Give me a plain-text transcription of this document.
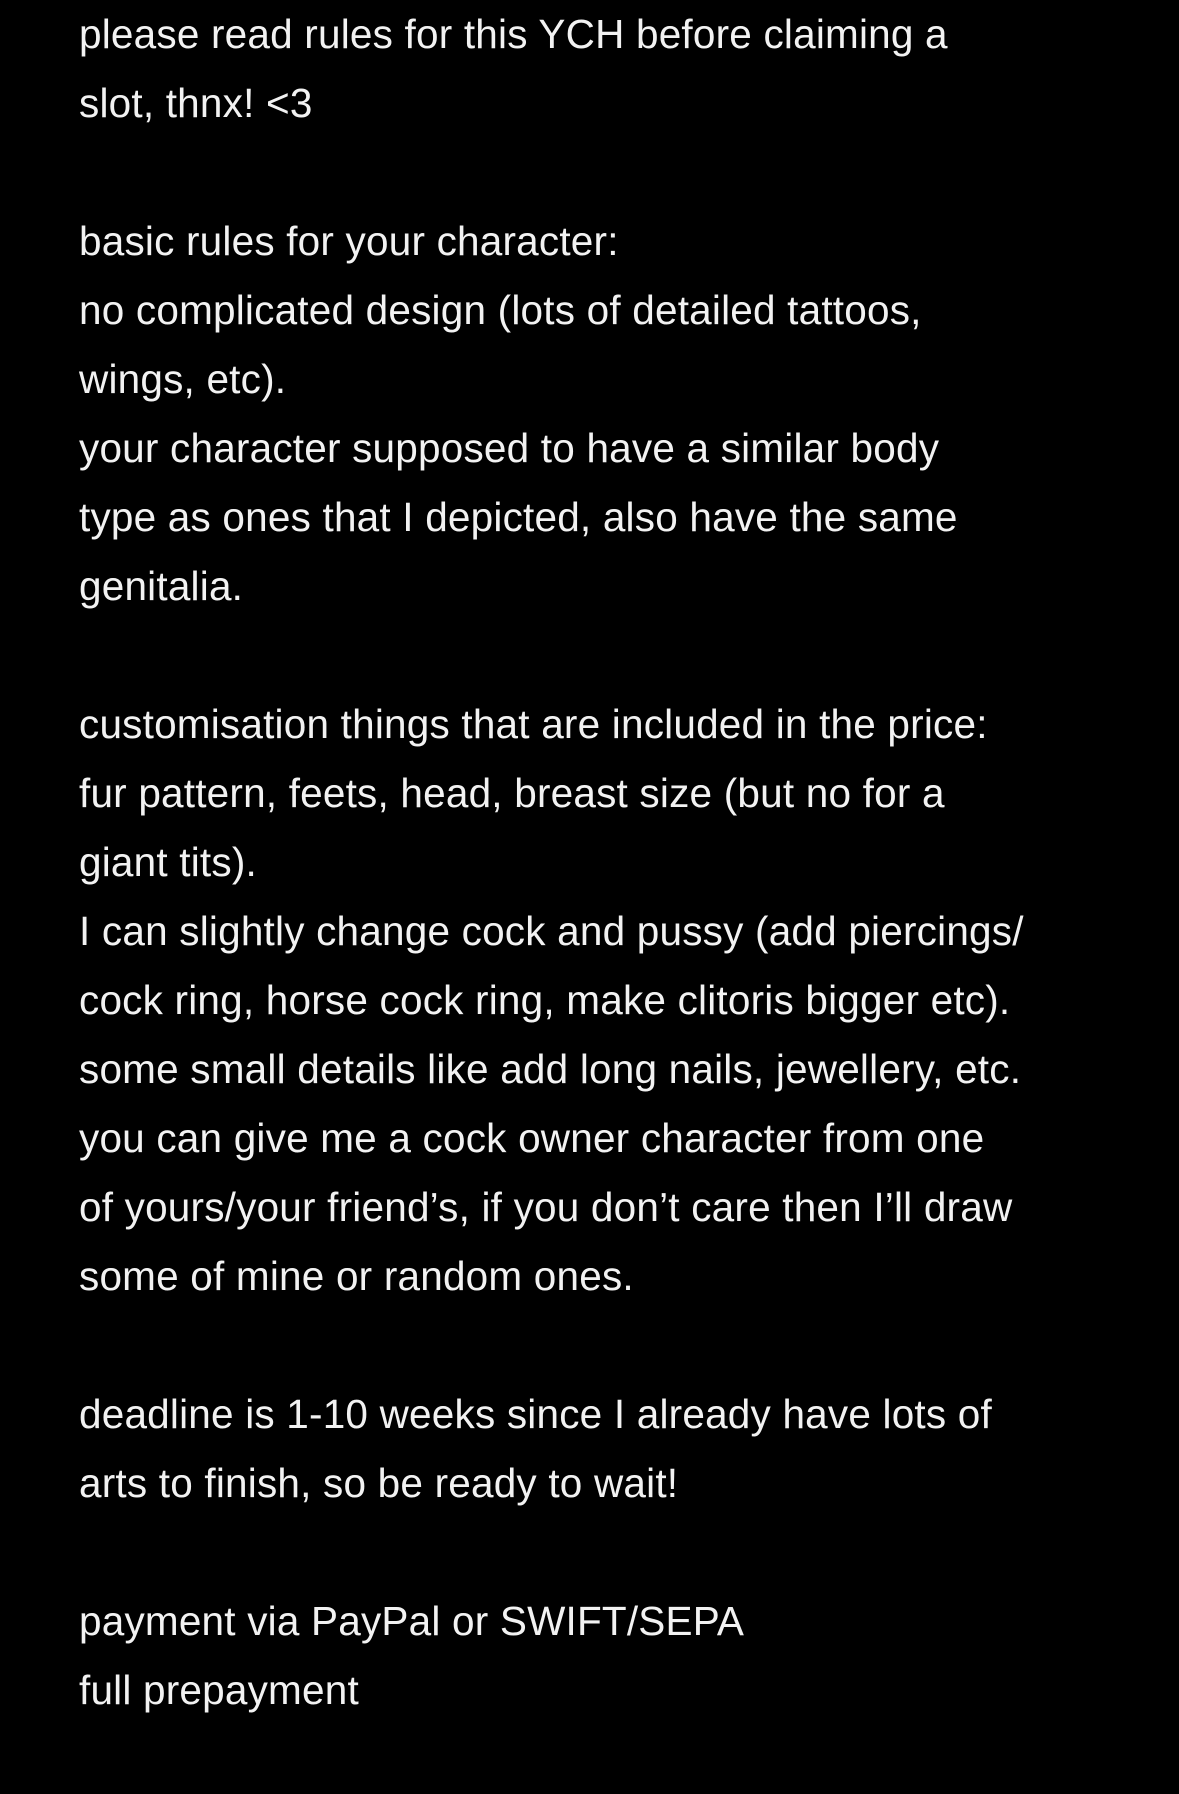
please read rules for this YCH before claiming a
slot, thnx! <3
basic rules for your character:
no complicated design (lots of detailed tattoos,
wings, etc).
your character supposed to have a similar body
type as ones that I depicted, also have the same
genitalia.
customisation things that are included in the price:
fur pattern, feets, head, breast size (but no for a
giant tits).
I can slightly change cock and pussy (add piercings/
cock ring, horse cock ring, make clitoris bigger etc).
some small details like add long nails, jewellery, etc.
you can give me a cock owner character from one
of yours/your friend’s, if you don’t care then I’ll draw
some of mine or random ones.
deadline is 1-10 weeks since I already have lots of
arts to finish, so be ready to wait!
payment via PayPal or SWIFT/SEPA
full prepayment
